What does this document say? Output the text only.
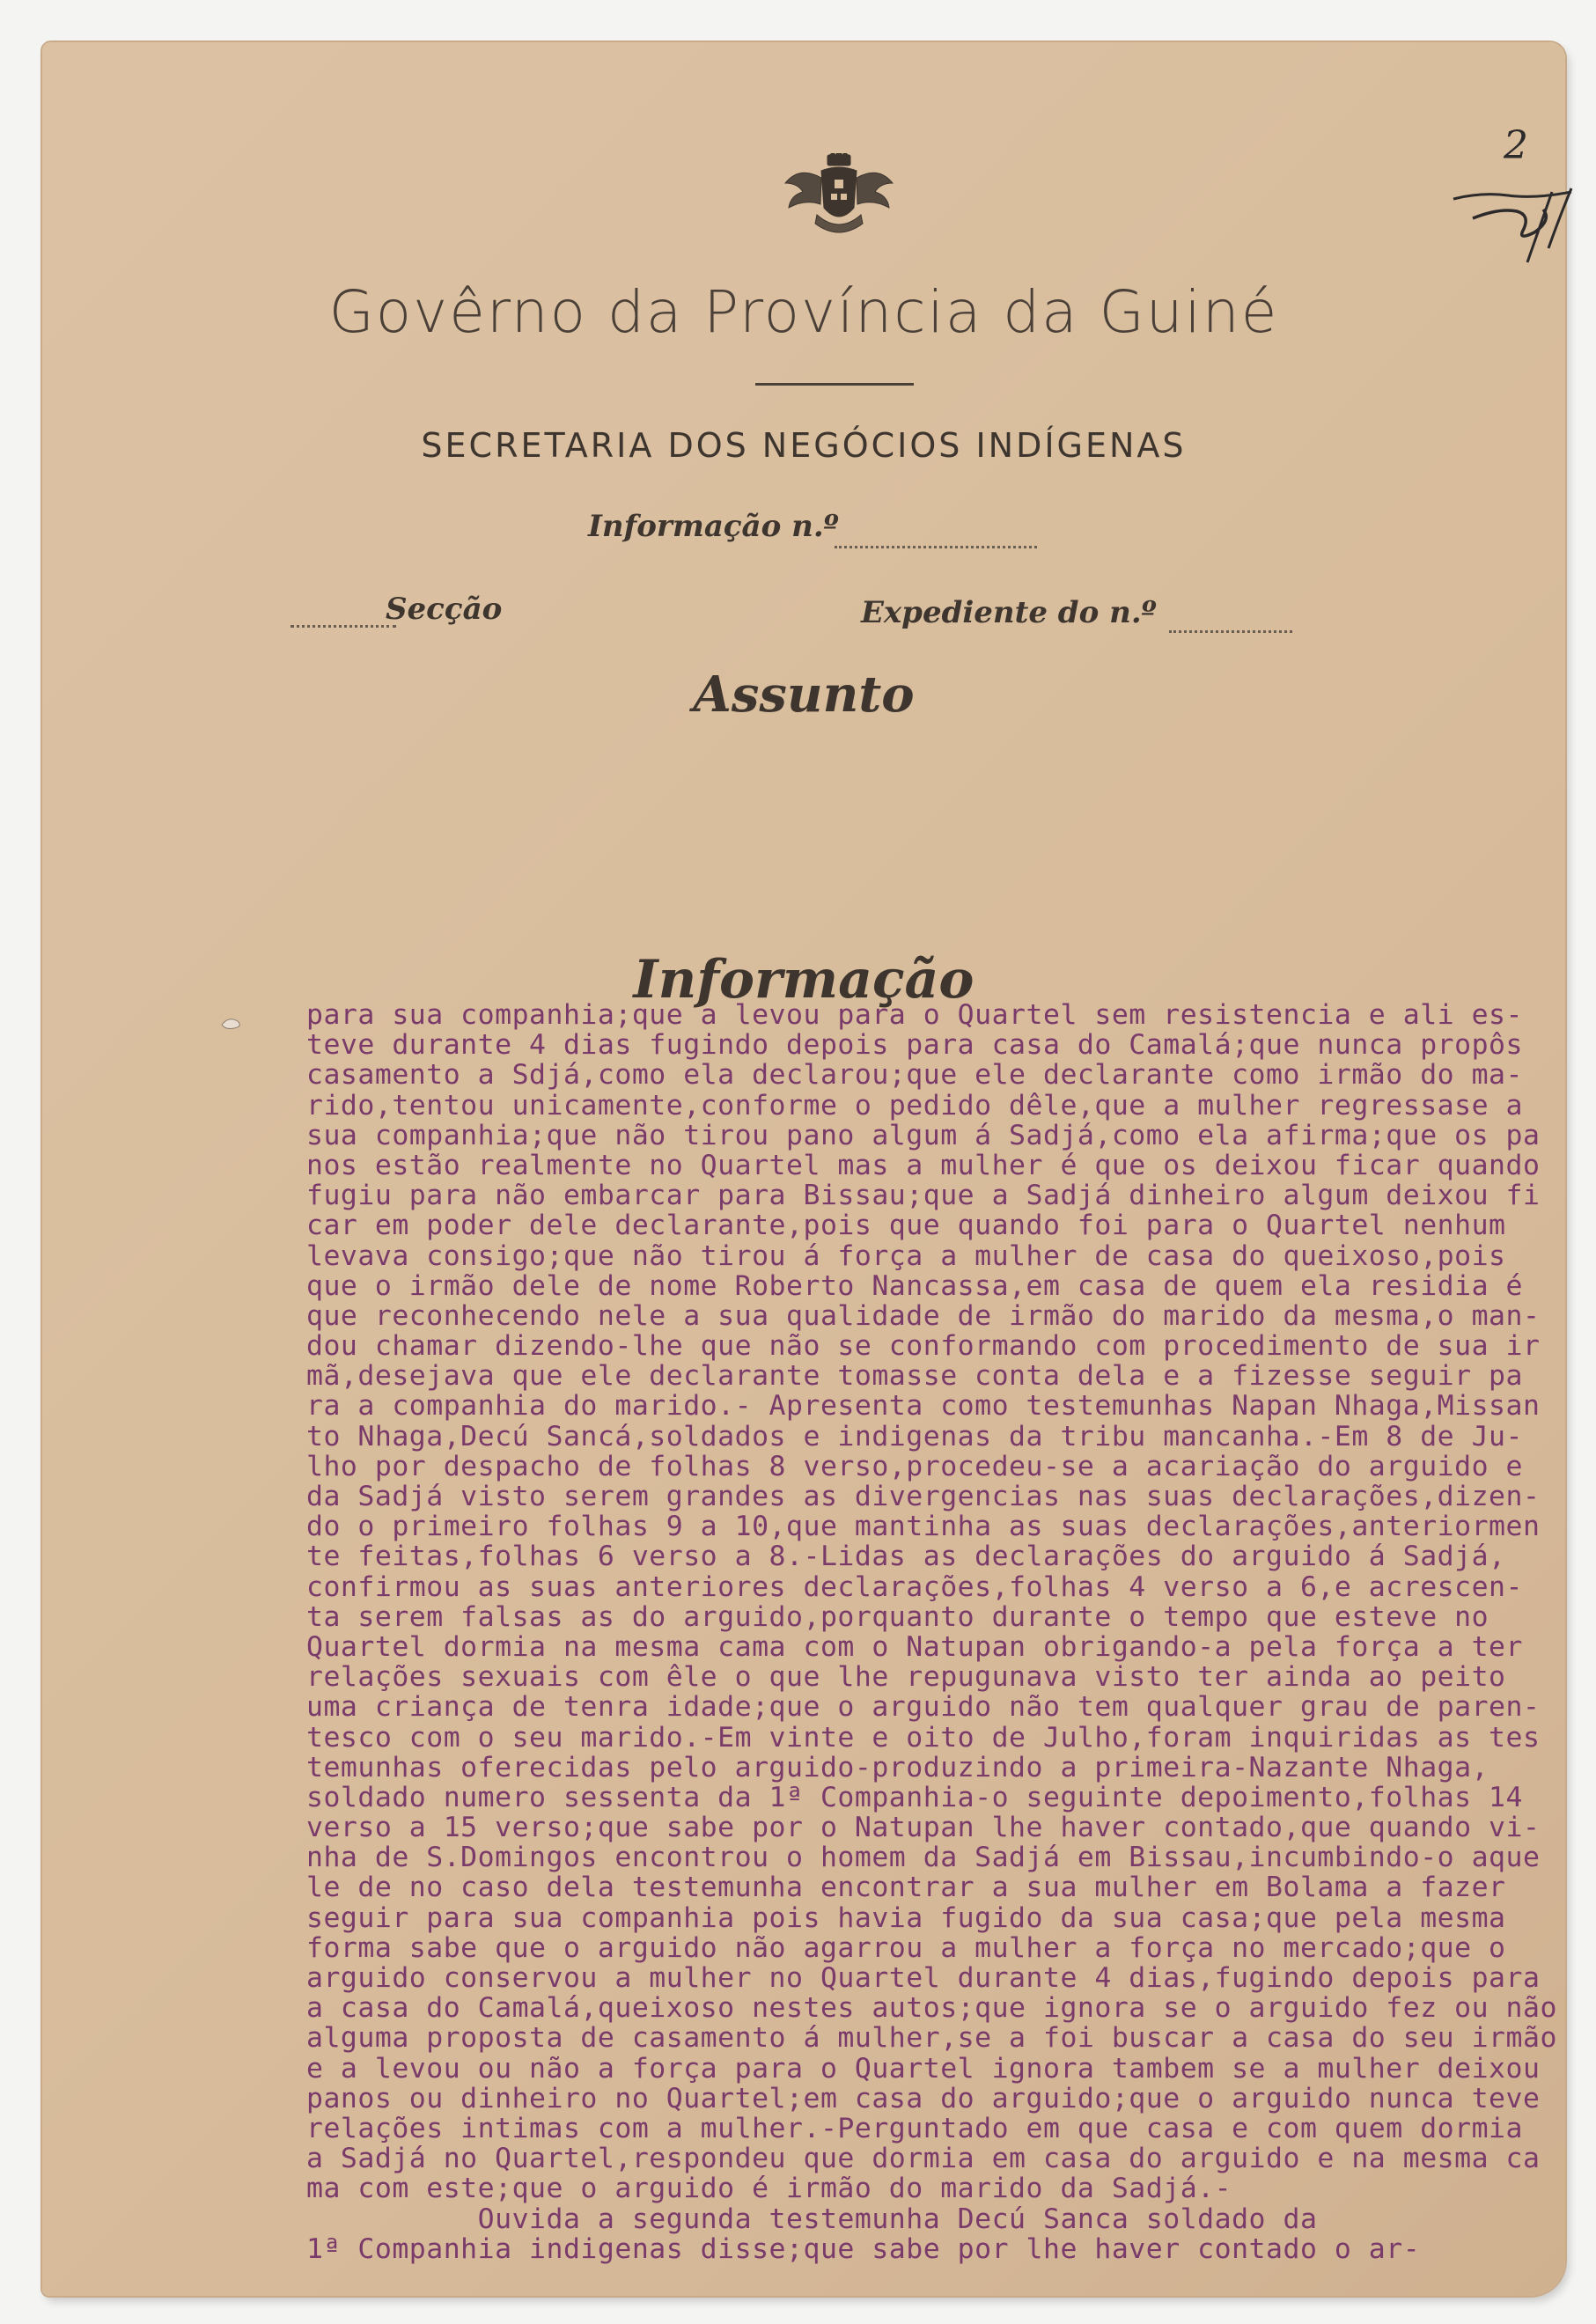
2
Govêrno da Província da Guiné
SECRETARIA DOS NEGÓCIOS INDÍGENAS
Informação n.º
Secção	Expediente do n.º
Assunto
Informação
para sua companhia;que a levou para o Quartel sem resistencia e ali es-
teve durante 4 dias fugindo depois para casa do Camalá;que nunca propôs
casamento a Sdjá,como ela declarou;que ele declarante como irmão do ma-
rido,tentou unicamente,conforme o pedido dêle,que a mulher regressase a
sua companhia;que não tirou pano algum á Sadjá,como ela afirma;que os pa
nos estão realmente no Quartel mas a mulher é que os deixou ficar quando
fugiu para não embarcar para Bissau;que a Sadjá dinheiro algum deixou fi
car em poder dele declarante,pois que quando foi para o Quartel nenhum
levava consigo;que não tirou á força a mulher de casa do queixoso,pois
que o irmão dele de nome Roberto Nancassa,em casa de quem ela residia é
que reconhecendo nele a sua qualidade de irmão do marido da mesma,o man-
dou chamar dizendo-lhe que não se conformando com procedimento de sua ir
mã,desejava que ele declarante tomasse conta dela e a fizesse seguir pa
ra a companhia do marido.- Apresenta como testemunhas Napan Nhaga,Missan
to Nhaga,Decú Sancá,soldados e indigenas da tribu mancanha.-Em 8 de Ju-
lho por despacho de folhas 8 verso,procedeu-se a acariação do arguido e
da Sadjá visto serem grandes as divergencias nas suas declarações,dizen-
do o primeiro folhas 9 a 10,que mantinha as suas declarações,anteriormen
te feitas,folhas 6 verso a 8.-Lidas as declarações do arguido á Sadjá,
confirmou as suas anteriores declarações,folhas 4 verso a 6,e acrescen-
ta serem falsas as do arguido,porquanto durante o tempo que esteve no
Quartel dormia na mesma cama com o Natupan obrigando-a pela força a ter
relações sexuais com êle o que lhe repugunava visto ter ainda ao peito
uma criança de tenra idade;que o arguido não tem qualquer grau de paren-
tesco com o seu marido.-Em vinte e oito de Julho,foram inquiridas as tes
temunhas oferecidas pelo arguido-produzindo a primeira-Nazante Nhaga,
soldado numero sessenta da 1ª Companhia-o seguinte depoimento,folhas 14
verso a 15 verso;que sabe por o Natupan lhe haver contado,que quando vi-
nha de S.Domingos encontrou o homem da Sadjá em Bissau,incumbindo-o aque
le de no caso dela testemunha encontrar a sua mulher em Bolama a fazer
seguir para sua companhia pois havia fugido da sua casa;que pela mesma
forma sabe que o arguido não agarrou a mulher a força no mercado;que o
arguido conservou a mulher no Quartel durante 4 dias,fugindo depois para
a casa do Camalá,queixoso nestes autos;que ignora se o arguido fez ou não
alguma proposta de casamento á mulher,se a foi buscar a casa do seu irmão
e a levou ou não a força para o Quartel ignora tambem se a mulher deixou
panos ou dinheiro no Quartel;em casa do arguido;que o arguido nunca teve
relações intimas com a mulher.-Perguntado em que casa e com quem dormia
a Sadjá no Quartel,respondeu que dormia em casa do arguido e na mesma ca
ma com este;que o arguido é irmão do marido da Sadjá.-
Ouvida a segunda testemunha Decú Sanca soldado da
1ª Companhia indigenas disse;que sabe por lhe haver contado o ar-
